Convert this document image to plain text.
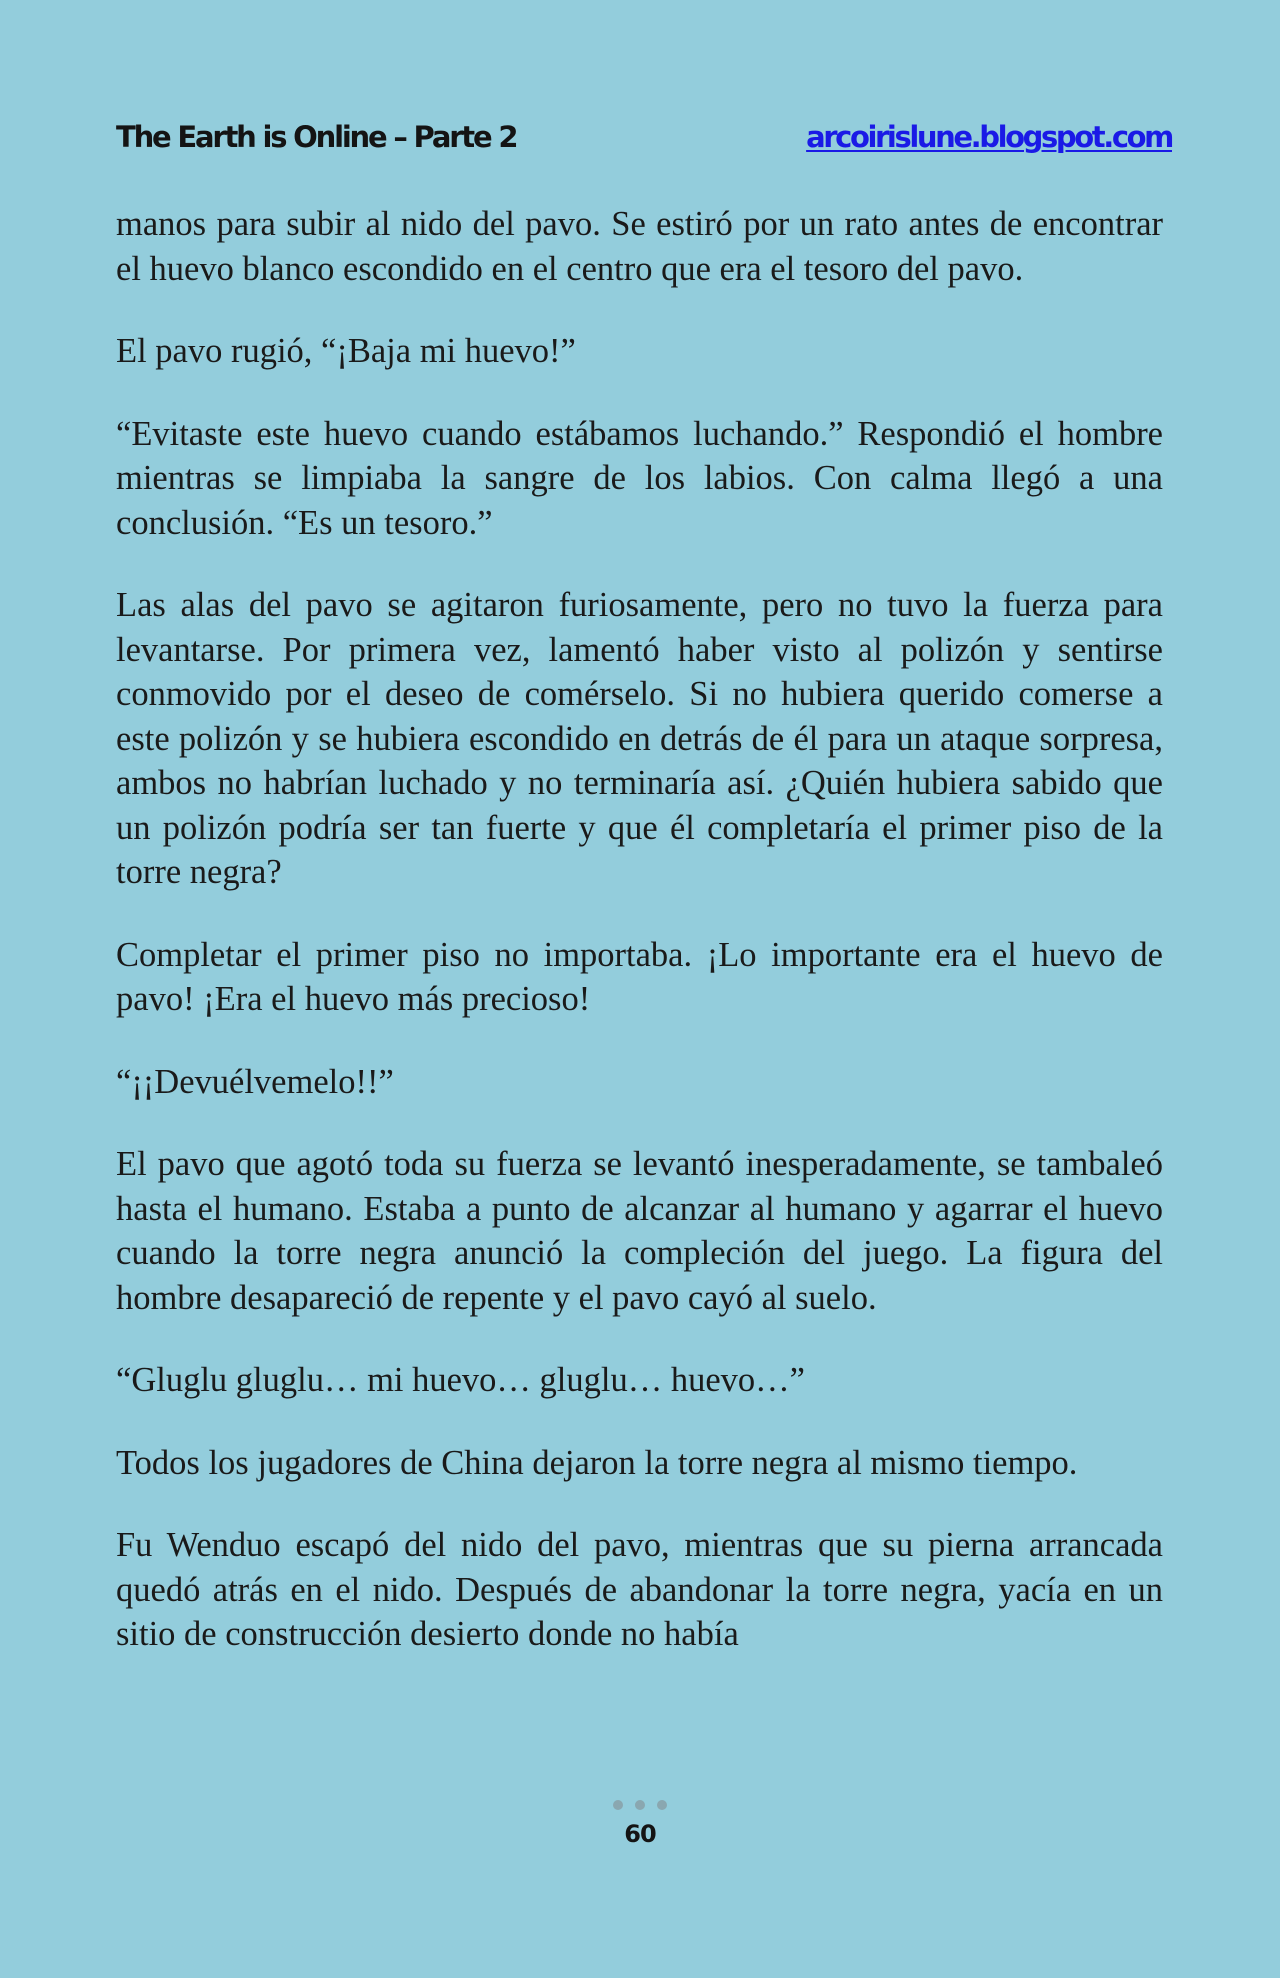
The Earth is Online – Parte 2	arcoirislune.blogspot.com

manos para subir al nido del pavo. Se estiró por un rato antes de encontrar el huevo blanco escondido en el centro que era el tesoro del pavo.

El pavo rugió, “¡Baja mi huevo!”

“Evitaste este huevo cuando estábamos luchando.” Respondió el hombre mientras se limpiaba la sangre de los labios. Con calma llegó a una conclusión. “Es un tesoro.”

Las alas del pavo se agitaron furiosamente, pero no tuvo la fuerza para levantarse. Por primera vez, lamentó haber visto al polizón y sentirse conmovido por el deseo de comérselo. Si no hubiera querido comerse a este polizón y se hubiera escondido en detrás de él para un ataque sorpresa, ambos no habrían luchado y no terminaría así. ¿Quién hubiera sabido que un polizón podría ser tan fuerte y que él completaría el primer piso de la torre negra?

Completar el primer piso no importaba. ¡Lo importante era el huevo de pavo! ¡Era el huevo más precioso!

“¡¡Devuélvemelo!!”

El pavo que agotó toda su fuerza se levantó inesperadamente, se tambaleó hasta el humano. Estaba a punto de alcanzar al humano y agarrar el huevo cuando la torre negra anunció la compleción del juego. La figura del hombre desapareció de repente y el pavo cayó al suelo.

“Gluglu gluglu… mi huevo… gluglu… huevo…”

Todos los jugadores de China dejaron la torre negra al mismo tiempo.

Fu Wenduo escapó del nido del pavo, mientras que su pierna arrancada quedó atrás en el nido. Después de abandonar la torre negra, yacía en un sitio de construcción desierto donde no había

60
